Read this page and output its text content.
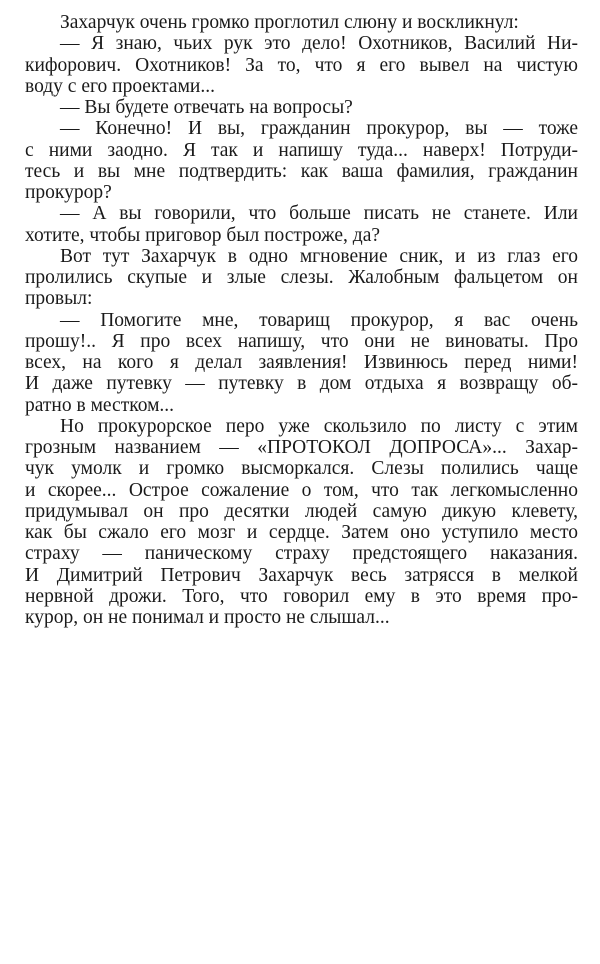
Захарчук очень громко проглотил слюну и воскликнул:
— Я знаю, чьих рук это дело! Охотников, Василий Ни-
кифорович. Охотников! За то, что я его вывел на чистую
воду с его проектами...
— Вы будете отвечать на вопросы?
— Конечно! И вы, гражданин прокурор, вы — тоже
с ними заодно. Я так и напишу туда... наверх! Потруди-
тесь и вы мне подтвердить: как ваша фамилия, гражданин
прокурор?
— А вы говорили, что больше писать не станете. Или
хотите, чтобы приговор был построже, да?
Вот тут Захарчук в одно мгновение сник, и из глаз его
пролились скупые и злые слезы. Жалобным фальцетом он
провыл:
— Помогите мне, товарищ прокурор, я вас очень
прошу!.. Я про всех напишу, что они не виноваты. Про
всех, на кого я делал заявления! Извинюсь перед ними!
И даже путевку — путевку в дом отдыха я возвращу об-
ратно в местком...
Но прокурорское перо уже скользило по листу с этим
грозным названием — «ПРОТОКОЛ ДОПРОСА»... Захар-
чук умолк и громко высморкался. Слезы полились чаще
и скорее... Острое сожаление о том, что так легкомысленно
придумывал он про десятки людей самую дикую клевету,
как бы сжало его мозг и сердце. Затем оно уступило место
страху — паническому страху предстоящего наказания.
И Димитрий Петрович Захарчук весь затрясся в мелкой
нервной дрожи. Того, что говорил ему в это время про-
курор, он не понимал и просто не слышал...
